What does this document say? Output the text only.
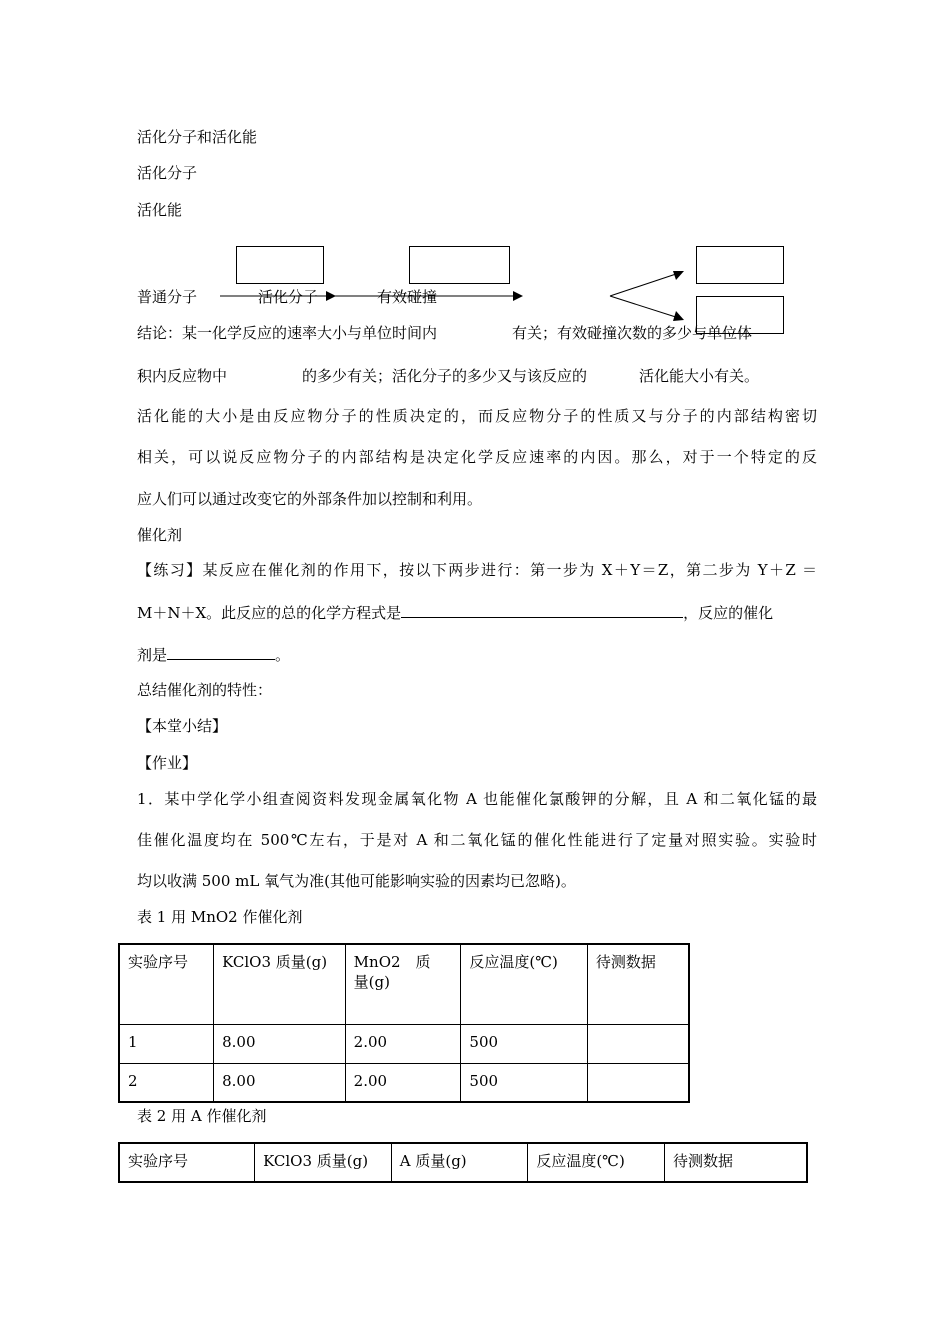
活化分子和活化能
活化分子
活化能
普通分子	活化分子	有效碰撞
结论：某一化学反应的速率大小与单位时间内	有关；有效碰撞次数的多少与单位体
积内反应物中	的多少有关；活化分子的多少又与该反应的	活化能大小有关。
活化能的大小是由反应物分子的性质决定的，而反应物分子的性质又与分子的内部结构密切
相关，可以说反应物分子的内部结构是决定化学反应速率的内因。那么，对于一个特定的反
应人们可以通过改变它的外部条件加以控制和利用。
催化剂
【练习】某反应在催化剂的作用下，按以下两步进行：第一步为 X＋Y＝Z，第二步为 Y＋Z ＝
M＋N＋X。此反应的总的化学方程式是	，反应的催化
剂是	。
总结催化剂的特性：
【本堂小结】
【作业】
1．某中学化学小组查阅资料发现金属氧化物 A 也能催化氯酸钾的分解，且 A 和二氧化锰的最
佳催化温度均在 500℃左右，于是对 A 和二氧化锰的催化性能进行了定量对照实验。实验时
均以收满 500 mL 氧气为准(其他可能影响实验的因素均已忽略)。
表 1 用 MnO2 作催化剂
实验序号	KClO3 质量(g)	MnO2　质　量(g)	反应温度(℃)	待测数据
1	8.00	2.00	500	
2	8.00	2.00	500	
表 2 用 A 作催化剂
实验序号	KClO3 质量(g)	A 质量(g)	反应温度(℃)	待测数据
